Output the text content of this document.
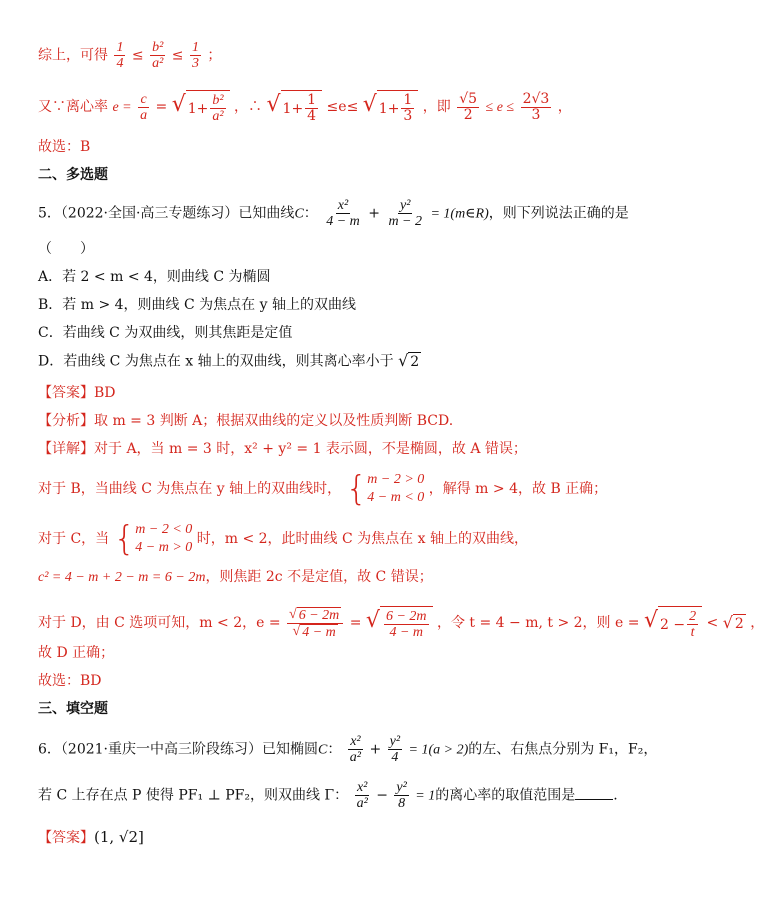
综上，可得 $\frac{1}{4} \le \frac{\text{b²}}{\text{a²}} \le \frac{1}{3}$ ；
又∵离心率 $e = \frac{c}{a}$ = √ $1+ \frac{\text{b²}}{\text{a²}}$ ，∴ √ $1+ \frac{1}{4} \le e\le$ √ $1+ \frac{1}{3}$ ，即 $\frac{√5}{2} \le e \le \frac{2√3}{3}$ ，
故选：B
二、多选题
5．（2022·全国·高三专题练习）已知曲线C： $\frac{\text{x²}}{4 - m} + \frac{\text{y²}}{m - 2}$ = 1(m∈R)，则下列说法正确的是
（　　）
A．若 2 < m < 4，则曲线 C 为椭圆
B．若 m > 4，则曲线 C 为焦点在 y 轴上的双曲线
C．若曲线 C 为双曲线，则其焦距是定值
D．若曲线 C 为焦点在 x 轴上的双曲线，则其离心率小于 √ 2
【答案】BD
【分析】取 m = 3 判断 A；根据双曲线的定义以及性质判断 BCD.
【详解】对于 A，当 m = 3 时，x² + y² = 1 表示圆，不是椭圆，故 A 错误；
对于 B，当曲线 C 为焦点在 y 轴上的双曲线时， { m − 2 > 0
4 − m < 0
，解得 m > 4，故 B 正确；
对于 C，当 { m − 2 < 0
4 − m > 0
时，m < 2，此时曲线 C 为焦点在 x 轴上的双曲线，
c² = 4 − m + 2 − m = 6 − 2m，则焦距 2c 不是定值，故 C 错误；
对于 D，由 C 选项可知，m < 2，$e = \frac{√ 6 - 2m}{√ 4 - m}$ = √ $\frac{6 - 2m}{4 - m}$ ，令 t = 4 − m, t > 2，则 e = √ $2 - \frac{2}{t}$ < √ 2 ，
故 D 正确；
故选：BD
三、填空题
6．（2021·重庆一中高三阶段练习）已知椭圆C： $\frac{\text{x²}}{\text{a²}} + \frac{\text{y²}}{4} = 1(a > 2)$的左、右焦点分别为 F₁，F₂，
若 C 上存在点 P 使得 PF₁ ⊥ PF₂，则双曲线 Γ： $\frac{\text{x²}}{\text{a²}} - \frac{\text{y²}}{8} = 1$的离心率的取值范围是	.
【答案】(1, √2]
